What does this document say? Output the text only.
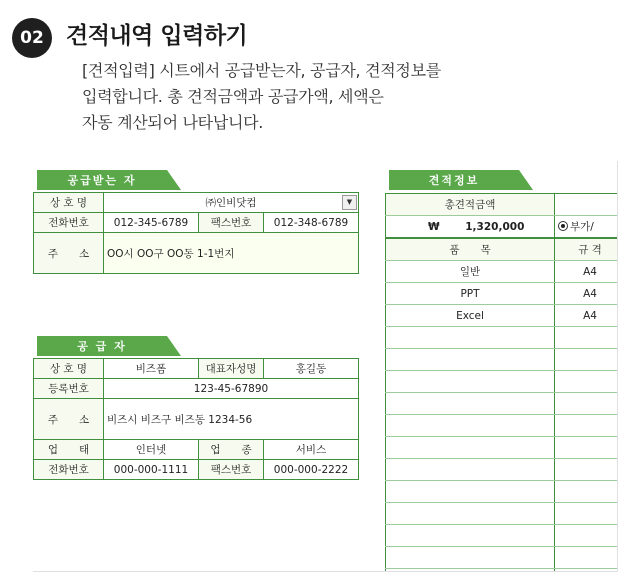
02 견적내역 입력하기
[견적입력] 시트에서 공급받는자, 공급자, 견적정보를
입력합니다. 총 견적금액과 공급가액, 세액은
자동 계산되어 나타납니다.
공급받는 자
상 호 명	㈜인비닷컴 ▼		

전화번호	012-345-6789	팩스번호	012-348-6789
주　　소	OO시 OO구 OO동 1-1번지		
공 급 자
상 호 명	비즈폼	대표자성명	홍길동
등록번호	123-45-67890		
주　　소	비즈시 비즈구 비즈동 1234-56		
업　　태	인터넷	업　　종	서비스
전화번호	000-000-1111	팩스번호	000-000-2222
견적정보
총견적금액	
₩ 1,320,000	부가/
품　　목	규 격
일반	A4
PPT	A4
Excel	A4
